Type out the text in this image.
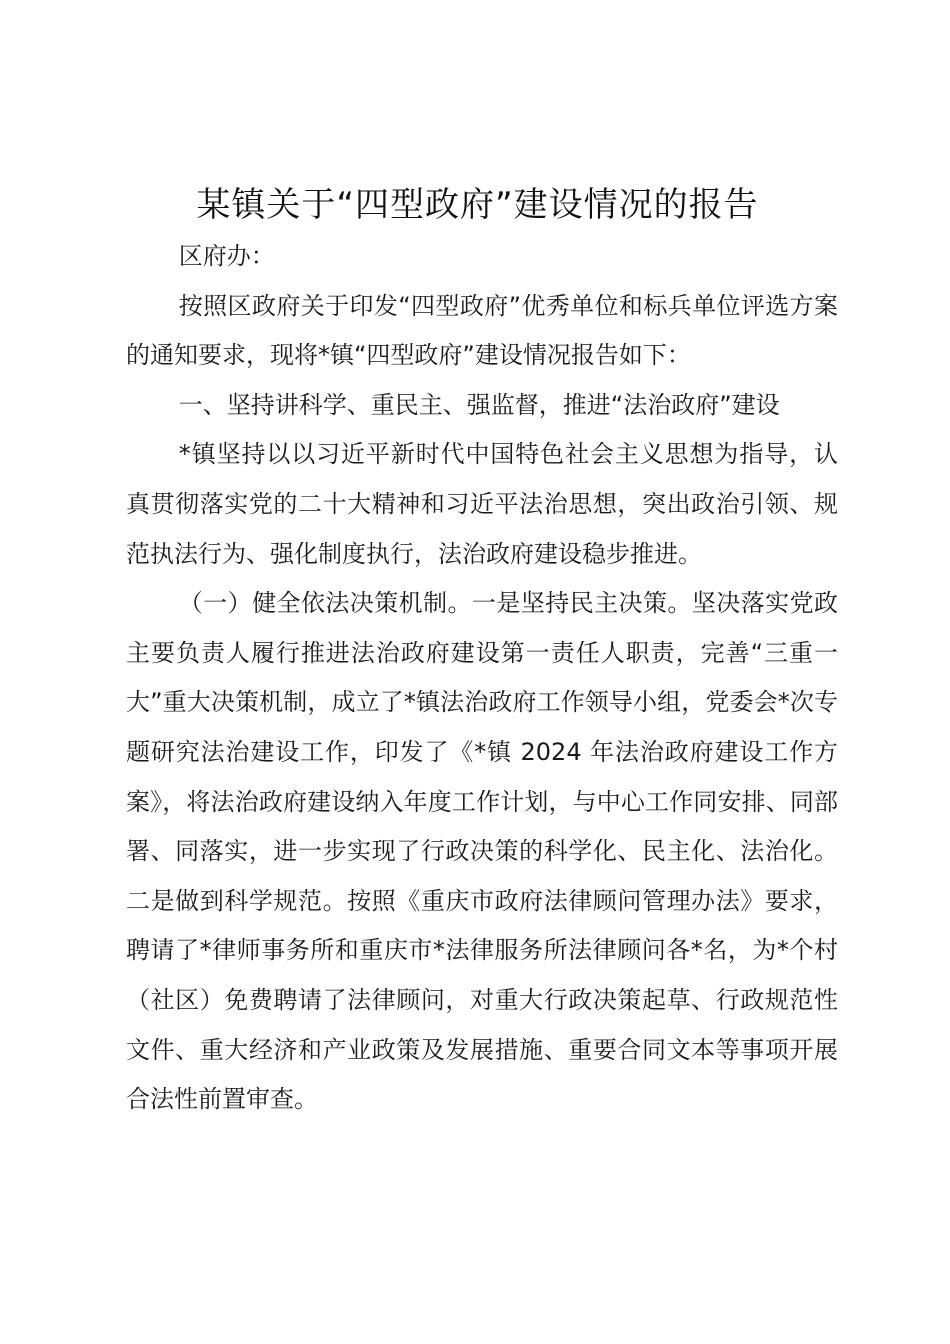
某镇关于“四型政府”建设情况的报告

区府办：

按照区政府关于印发“四型政府”优秀单位和标兵单位评选方案的通知要求，现将*镇“四型政府”建设情况报告如下：

一、坚持讲科学、重民主、强监督，推进“法治政府”建设

*镇坚持以以习近平新时代中国特色社会主义思想为指导，认真贯彻落实党的二十大精神和习近平法治思想，突出政治引领、规范执法行为、强化制度执行，法治政府建设稳步推进。

（一）健全依法决策机制。一是坚持民主决策。坚决落实党政主要负责人履行推进法治政府建设第一责任人职责，完善“三重一大”重大决策机制，成立了*镇法治政府工作领导小组，党委会*次专题研究法治建设工作，印发了《*镇 2024 年法治政府建设工作方案》，将法治政府建设纳入年度工作计划，与中心工作同安排、同部署、同落实，进一步实现了行政决策的科学化、民主化、法治化。二是做到科学规范。按照《重庆市政府法律顾问管理办法》要求，聘请了*律师事务所和重庆市*法律服务所法律顾问各*名，为*个村（社区）免费聘请了法律顾问，对重大行政决策起草、行政规范性文件、重大经济和产业政策及发展措施、重要合同文本等事项开展合法性前置审查。
